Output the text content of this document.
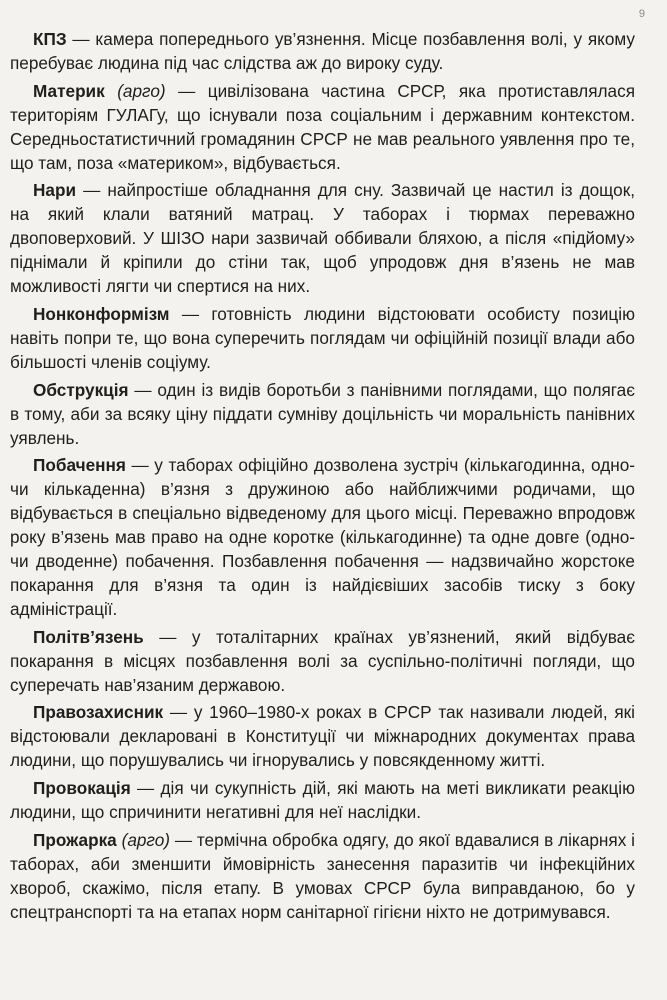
9

КПЗ — камера попереднього ув’язнення. Місце позбавлення волі, у якому перебуває людина під час слідства аж до вироку суду.

Материк (арго) — цивілізована частина СРСР, яка протиставлялася територіям ГУЛАГу, що існували поза соціальним і державним контекстом. Середньостатистичний громадянин СРСР не мав реального уявлення про те, що там, поза «материком», відбувається.

Нари — найпростіше обладнання для сну. Зазвичай це настил із дощок, на який клали ватяний матрац. У таборах і тюрмах переважно двоповерховий. У ШІЗО нари зазвичай оббивали бляхою, а після «підйому» піднімали й кріпили до стіни так, щоб упродовж дня в’язень не мав можливості лягти чи спертися на них.

Нонконформізм — готовність людини відстоювати особисту позицію навіть попри те, що вона суперечить поглядам чи офіційній позиції влади або більшості членів соціуму.

Обструкція — один із видів боротьби з панівними поглядами, що полягає в тому, аби за всяку ціну піддати сумніву доцільність чи моральність панівних уявлень.

Побачення — у таборах офіційно дозволена зустріч (кількагодинна, одно- чи кількаденна) в’язня з дружиною або найближчими родичами, що відбувається в спеціально відведеному для цього місці. Переважно впродовж року в’язень мав право на одне коротке (кількагодинне) та одне довге (одно- чи дводенне) побачення. Позбавлення побачення — надзвичайно жорстоке покарання для в’язня та один із найдієвіших засобів тиску з боку адміністрації.

Політв’язень — у тоталітарних країнах ув’язнений, який відбуває покарання в місцях позбавлення волі за суспільно-політичні погляди, що суперечать нав’язаним державою.

Правозахисник — у 1960–1980-х роках в СРСР так називали людей, які відстоювали декларовані в Конституції чи міжнародних документах права людини, що порушувались чи ігнорувались у повсякденному житті.

Провокація — дія чи сукупність дій, які мають на меті викликати реакцію людини, що спричинити негативні для неї наслідки.

Прожарка (арго) — термічна обробка одягу, до якої вдавалися в лікарнях і таборах, аби зменшити ймовірність занесення паразитів чи інфекційних хвороб, скажімо, після етапу. В умовах СРСР була виправданою, бо у спецтранспорті та на етапах норм санітарної гігієни ніхто не дотримувався.
